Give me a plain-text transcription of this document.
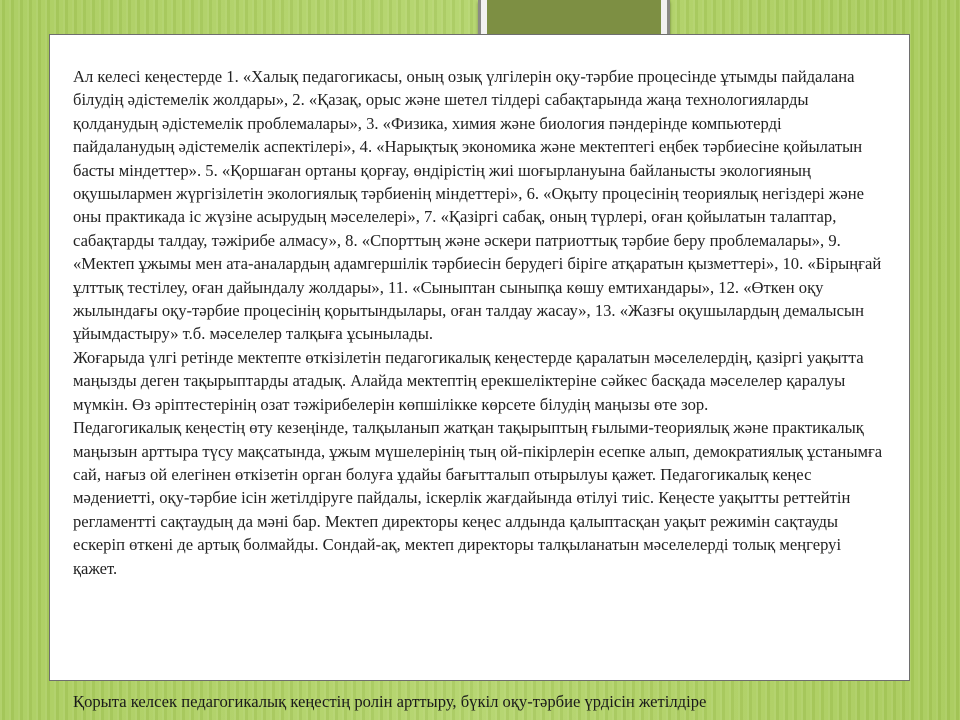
Ал келесі кеңестерде 1. «Халық педагогикасы, оның озық үлгілерін оқу-тәрбие процесінде ұтымды пайдалана білудің әдістемелік жолдары», 2. «Қазақ, орыс және шетел тілдері сабақтарында жаңа технологияларды қолданудың әдістемелік проблемалары», 3. «Физика, химия және биология пәндерінде компьютерді пайдаланудың әдістемелік аспектілері», 4. «Нарықтық экономика және мектептегі еңбек тәрбиесіне қойылатын басты міндеттер». 5. «Қоршаған ортаны қорғау, өндірістің жиі шоғырлануына байланысты экологияның оқушылармен жүргізілетін экологиялық тәрбиенің міндеттері», 6. «Оқыту процесінің теориялық негіздері және оны практикада іс жүзіне асырудың мәселелері», 7. «Қазіргі сабақ, оның түрлері, оған қойылатын талаптар, сабақтарды талдау, тәжірибе алмасу», 8. «Спорттың және әскери патриоттық тәрбие беру проблемалары», 9. «Мектеп ұжымы мен ата-аналардың адамгершілік тәрбиесін берудегі біріге атқаратын қызметтері», 10. «Бірыңғай ұлттық тестілеу, оған дайындалу жолдары», 11. «Сыныптан сыныпқа көшу емтихандары», 12. «Өткен оқу жылындағы оқу-тәрбие процесінің қорытындылары, оған талдау жасау», 13. «Жазғы оқушылардың демалысын ұйымдастыру» т.б. мәселелер талқыға ұсынылады.

Жоғарыда үлгі ретінде мектепте өткізілетін педагогикалық кеңестерде қаралатын мәселелердің, қазіргі уақытта маңызды деген тақырыптарды атадық. Алайда мектептің ерекшеліктеріне сәйкес басқада мәселелер қаралуы мүмкін. Өз әріптестерінің озат тәжірибелерін көпшілікке көрсете білудің маңызы өте зор.

Педагогикалық кеңестің өту кезеңінде, талқыланып жатқан тақырыптың ғылыми-теориялық және практикалық маңызын арттыра түсу мақсатында, ұжым мүшелерінің тың ой-пікірлерін есепке алып, демократиялық ұстанымға сай, нағыз ой елегінен өткізетін орган болуға ұдайы бағытталып отырылуы қажет. Педагогикалық кеңес мәдениетті, оқу-тәрбие ісін жетілдіруге пайдалы, іскерлік жағдайында өтілуі тиіс. Кеңесте уақытты реттейтін регламентті сақтаудың да мәні бар. Мектеп директоры кеңес алдында қалыптасқан уақыт режимін сақтауды ескеріп өткені де артық болмайды. Сондай-ақ, мектеп директоры талқыланатын мәселелерді толық меңгеруі қажет.

Қорыта келсек педагогикалық кеңестің ролін арттыру, бүкіл оқу-тәрбие үрдісін жетілдіре
